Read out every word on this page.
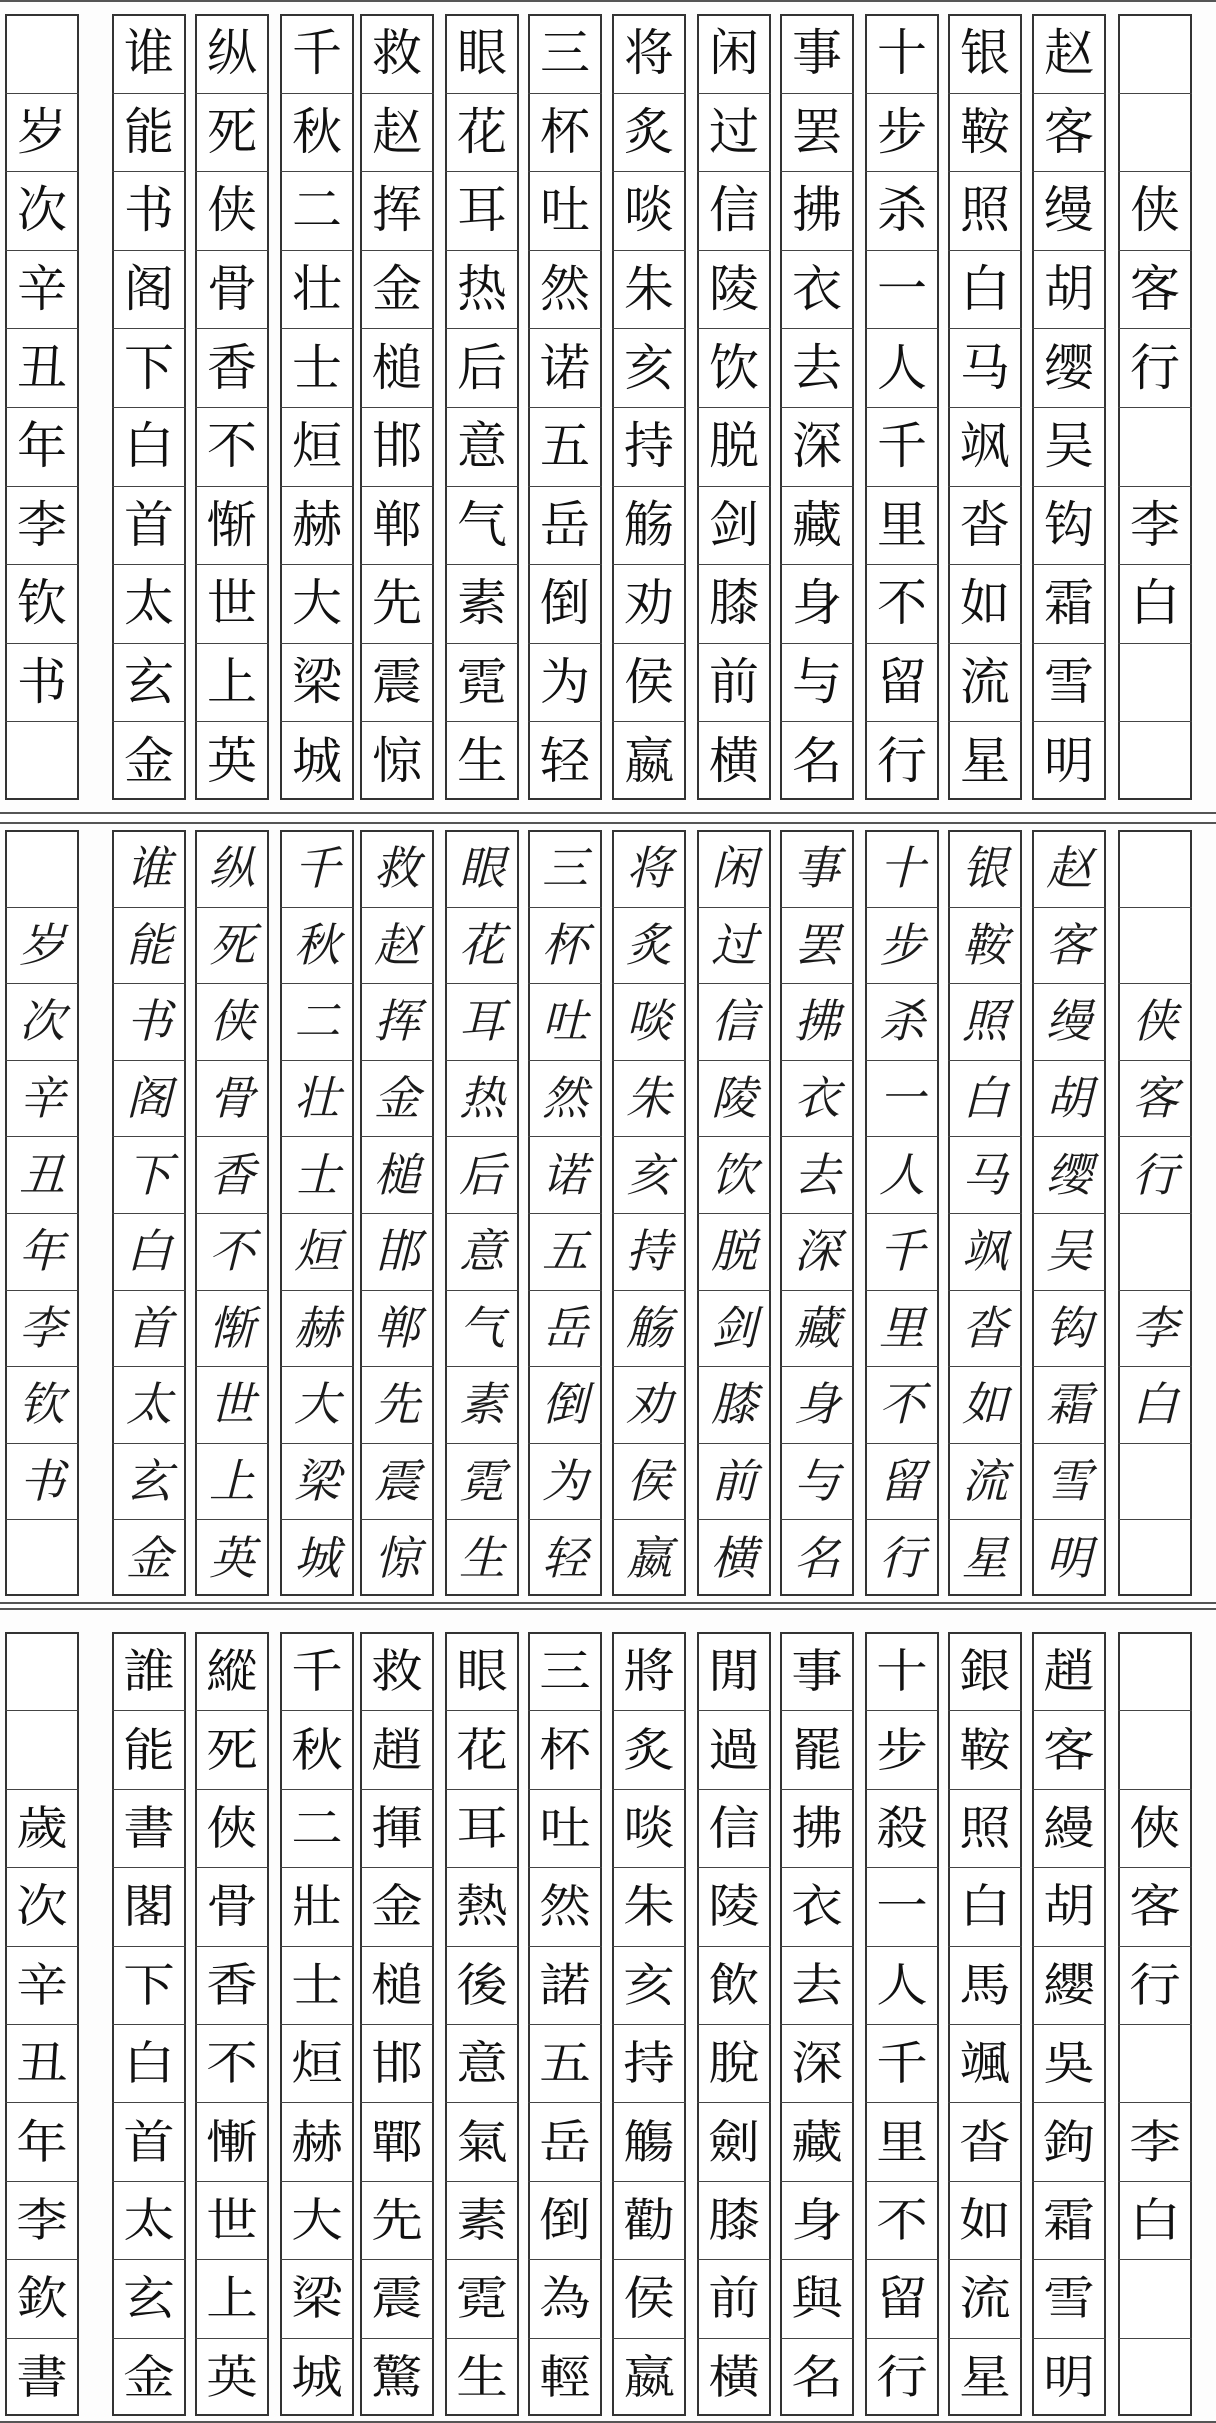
岁
次
辛
丑
年
李
钦
书
谁
能
书
阁
下
白
首
太
玄
金
纵
死
侠
骨
香
不
惭
世
上
英
千
秋
二
壮
士
烜
赫
大
梁
城
救
赵
挥
金
槌
邯
郸
先
震
惊
眼
花
耳
热
后
意
气
素
霓
生
三
杯
吐
然
诺
五
岳
倒
为
轻
将
炙
啖
朱
亥
持
觞
劝
侯
嬴
闲
过
信
陵
饮
脱
剑
膝
前
横
事
罢
拂
衣
去
深
藏
身
与
名
十
步
杀
一
人
千
里
不
留
行
银
鞍
照
白
马
飒
沓
如
流
星
赵
客
缦
胡
缨
吴
钩
霜
雪
明
侠
客
行
李
白
岁
次
辛
丑
年
李
钦
书
谁
能
书
阁
下
白
首
太
玄
金
纵
死
侠
骨
香
不
惭
世
上
英
千
秋
二
壮
士
烜
赫
大
梁
城
救
赵
挥
金
槌
邯
郸
先
震
惊
眼
花
耳
热
后
意
气
素
霓
生
三
杯
吐
然
诺
五
岳
倒
为
轻
将
炙
啖
朱
亥
持
觞
劝
侯
嬴
闲
过
信
陵
饮
脱
剑
膝
前
横
事
罢
拂
衣
去
深
藏
身
与
名
十
步
杀
一
人
千
里
不
留
行
银
鞍
照
白
马
飒
沓
如
流
星
赵
客
缦
胡
缨
吴
钩
霜
雪
明
侠
客
行
李
白
歲
次
辛
丑
年
李
欽
書
誰
能
書
閣
下
白
首
太
玄
金
縱
死
俠
骨
香
不
慚
世
上
英
千
秋
二
壯
士
烜
赫
大
梁
城
救
趙
揮
金
槌
邯
鄲
先
震
驚
眼
花
耳
熱
後
意
氣
素
霓
生
三
杯
吐
然
諾
五
岳
倒
為
輕
將
炙
啖
朱
亥
持
觴
勸
侯
嬴
閒
過
信
陵
飲
脫
劍
膝
前
橫
事
罷
拂
衣
去
深
藏
身
與
名
十
步
殺
一
人
千
里
不
留
行
銀
鞍
照
白
馬
颯
沓
如
流
星
趙
客
縵
胡
纓
吳
鉤
霜
雪
明
俠
客
行
李
白
